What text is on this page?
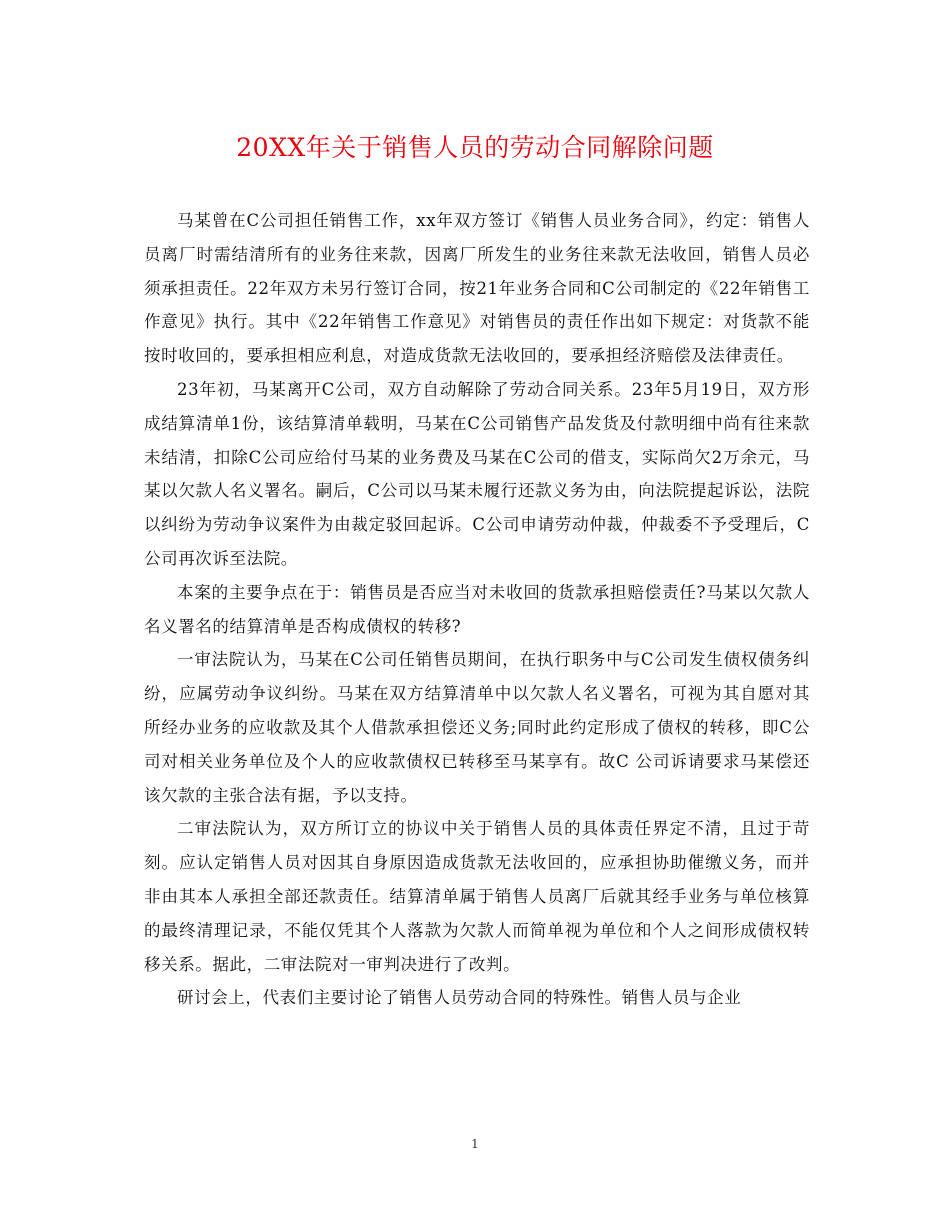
20XX年关于销售人员的劳动合同解除问题

马某曾在C公司担任销售工作，xx年双方签订《销售人员业务合同》，约定：销售人员离厂时需结清所有的业务往来款，因离厂所发生的业务往来款无法收回，销售人员必须承担责任。22年双方未另行签订合同，按21年业务合同和C公司制定的《22年销售工作意见》执行。其中《22年销售工作意见》对销售员的责任作出如下规定：对货款不能按时收回的，要承担相应利息，对造成货款无法收回的，要承担经济赔偿及法律责任。

23年初，马某离开C公司，双方自动解除了劳动合同关系。23年5月19日，双方形成结算清单1份，该结算清单载明，马某在C公司销售产品发货及付款明细中尚有往来款未结清，扣除C公司应给付马某的业务费及马某在C公司的借支，实际尚欠2万余元，马某以欠款人名义署名。嗣后，C公司以马某未履行还款义务为由，向法院提起诉讼，法院以纠纷为劳动争议案件为由裁定驳回起诉。C公司申请劳动仲裁，仲裁委不予受理后，C公司再次诉至法院。

本案的主要争点在于：销售员是否应当对未收回的货款承担赔偿责任?马某以欠款人名义署名的结算清单是否构成债权的转移?

一审法院认为，马某在C公司任销售员期间，在执行职务中与C公司发生债权债务纠纷，应属劳动争议纠纷。马某在双方结算清单中以欠款人名义署名，可视为其自愿对其所经办业务的应收款及其个人借款承担偿还义务;同时此约定形成了债权的转移，即C公司对相关业务单位及个人的应收款债权已转移至马某享有。故C 公司诉请要求马某偿还该欠款的主张合法有据，予以支持。

二审法院认为，双方所订立的协议中关于销售人员的具体责任界定不清，且过于苛刻。应认定销售人员对因其自身原因造成货款无法收回的，应承担协助催缴义务，而并非由其本人承担全部还款责任。结算清单属于销售人员离厂后就其经手业务与单位核算的最终清理记录，不能仅凭其个人落款为欠款人而简单视为单位和个人之间形成债权转移关系。据此，二审法院对一审判决进行了改判。

研讨会上，代表们主要讨论了销售人员劳动合同的特殊性。销售人员与企业

1
